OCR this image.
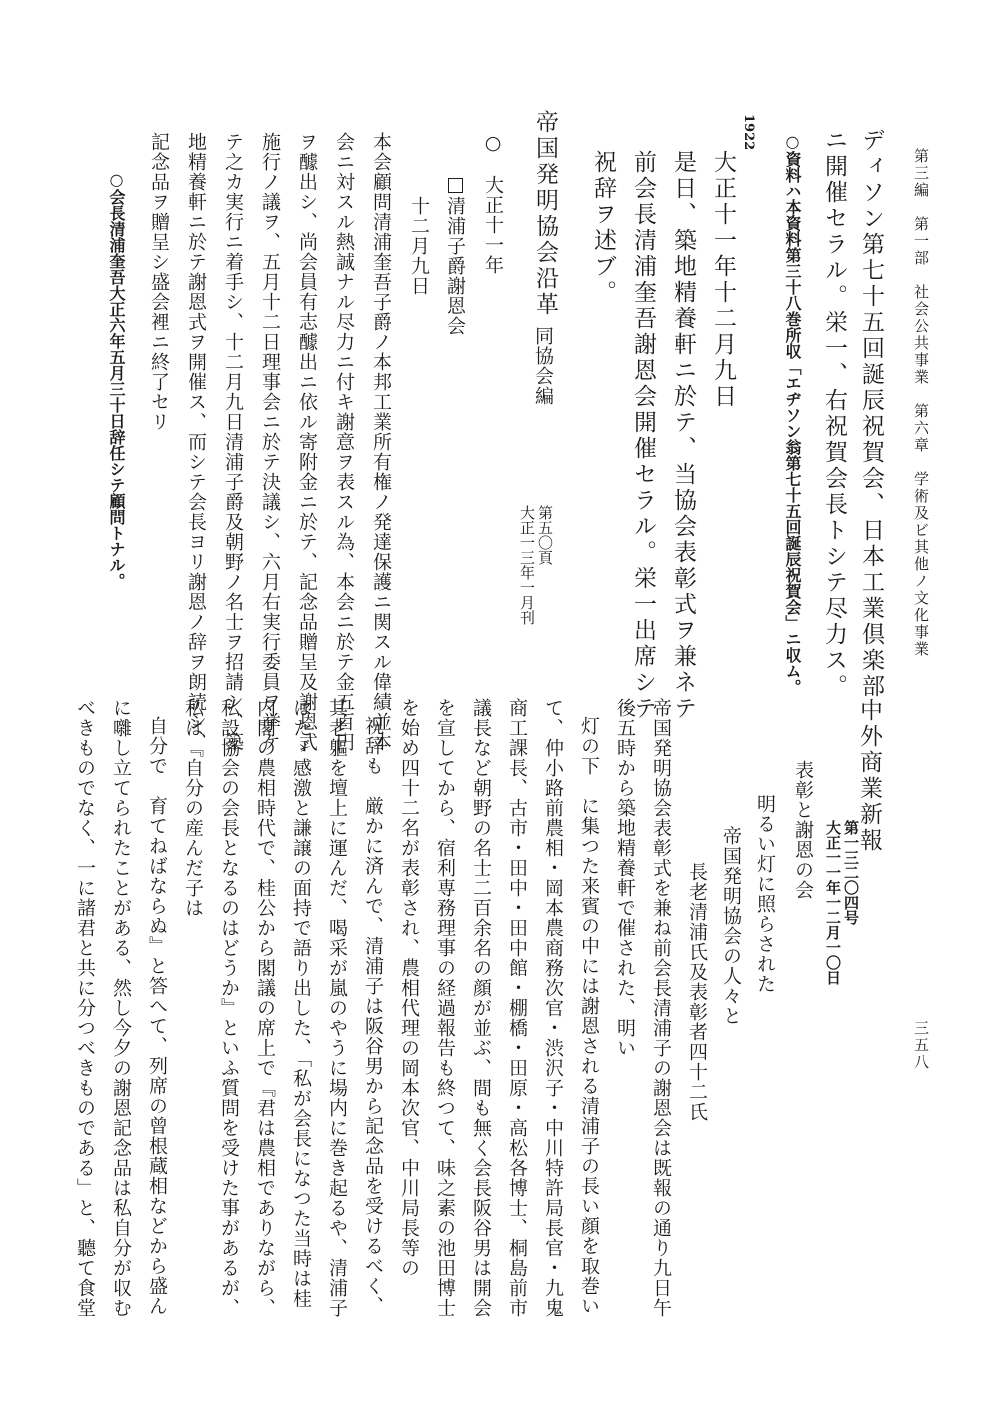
第三編　第一部　社会公共事業　第六章　学術及ビ其他ノ文化事業
三五八
ディソン第七十五回誕辰祝賀会、日本工業倶楽部
ニ開催セラル。栄一、右祝賀会長トシテ尽力ス。
○資料ハ本資料第三十八巻所収「エヂソン翁第七十五回誕辰祝賀会」ニ収ム。
1922
大正十一年十二月九日
是日、築地精養軒ニ於テ、当協会表彰式ヲ兼ネテ
前会長清浦奎吾謝恩会開催セラル。栄一出席シテ
祝辞ヲ述ブ。
帝国発明協会沿革
同協会編
第五〇頁
大正一三年一月刊
○　大正十一年
清浦子爵謝恩会
十二月九日
本会顧問清浦奎吾子爵ノ本邦工業所有権ノ発達保護ニ関スル偉績並本
会ニ対スル熱誠ナル尽力ニ付キ謝意ヲ表スル為、本会ニ於テ金五百円
ヲ醵出シ、尚会員有志醵出ニ依ル寄附金ニ於テ、記念品贈呈及謝恩式
施行ノ議ヲ、五月十二日理事会ニ於テ決議シ、六月右実行委員ヲ挙ケ
テ之カ実行ニ着手シ、十二月九日清浦子爵及朝野ノ名士ヲ招請シ、築
地精養軒ニ於テ謝恩式ヲ開催ス、而シテ会長ヨリ謝恩ノ辞ヲ朗読シ、
記念品ヲ贈呈シ盛会裡ニ終了セリ
○会長清浦奎吾大正六年五月三十日辞任シテ顧問トナル。
中外商業新報
第一三二〇四号
大正一一年一二月一〇日
表彰と謝恩の会
明るい灯に照らされた
帝国発明協会の人々と
長老清浦氏及表彰者四十二氏
帝国発明協会表彰式を兼ね前会長清浦子の謝恩会は既報の通り九日午
後五時から築地精養軒で催された、明い
灯の下　に集つた来賓の中には謝恩される清浦子の長い顔を取巻い
て、仲小路前農相・岡本農商務次官・渋沢子・中川特許局長官・九鬼
商工課長、古市・田中・田中館・棚橋・田原・高松各博士、桐島前市
議長など朝野の名士二百余名の顔が並ぶ、間も無く会長阪谷男は開会
を宣してから、宿利専務理事の経過報告も終つて、味之素の池田博士
を始め四十二名が表彰され、農相代理の岡本次官、中川局長等の
祝辞も　厳かに済んで、清浦子は阪谷男から記念品を受けるべく、
其老軀を壇上に運んだ、喝采が嵐のやうに場内に巻き起るや、清浦子
はたゞ感激と謙譲の面持で語り出した、「私が会長になつた当時は桂
内閣の農相時代で、桂公から閣議の席上で『君は農相でありながら、
私設協会の会長となるのはどうか』といふ質問を受けた事があるが、
私は『自分の産んだ子は
自分で　育てねばならぬ』と答へて、列席の曾根蔵相などから盛ん
に囃し立てられたことがある、然し今夕の謝恩記念品は私自分が収む
べきものでなく、一に諸君と共に分つべきものである」と、聽て食堂
